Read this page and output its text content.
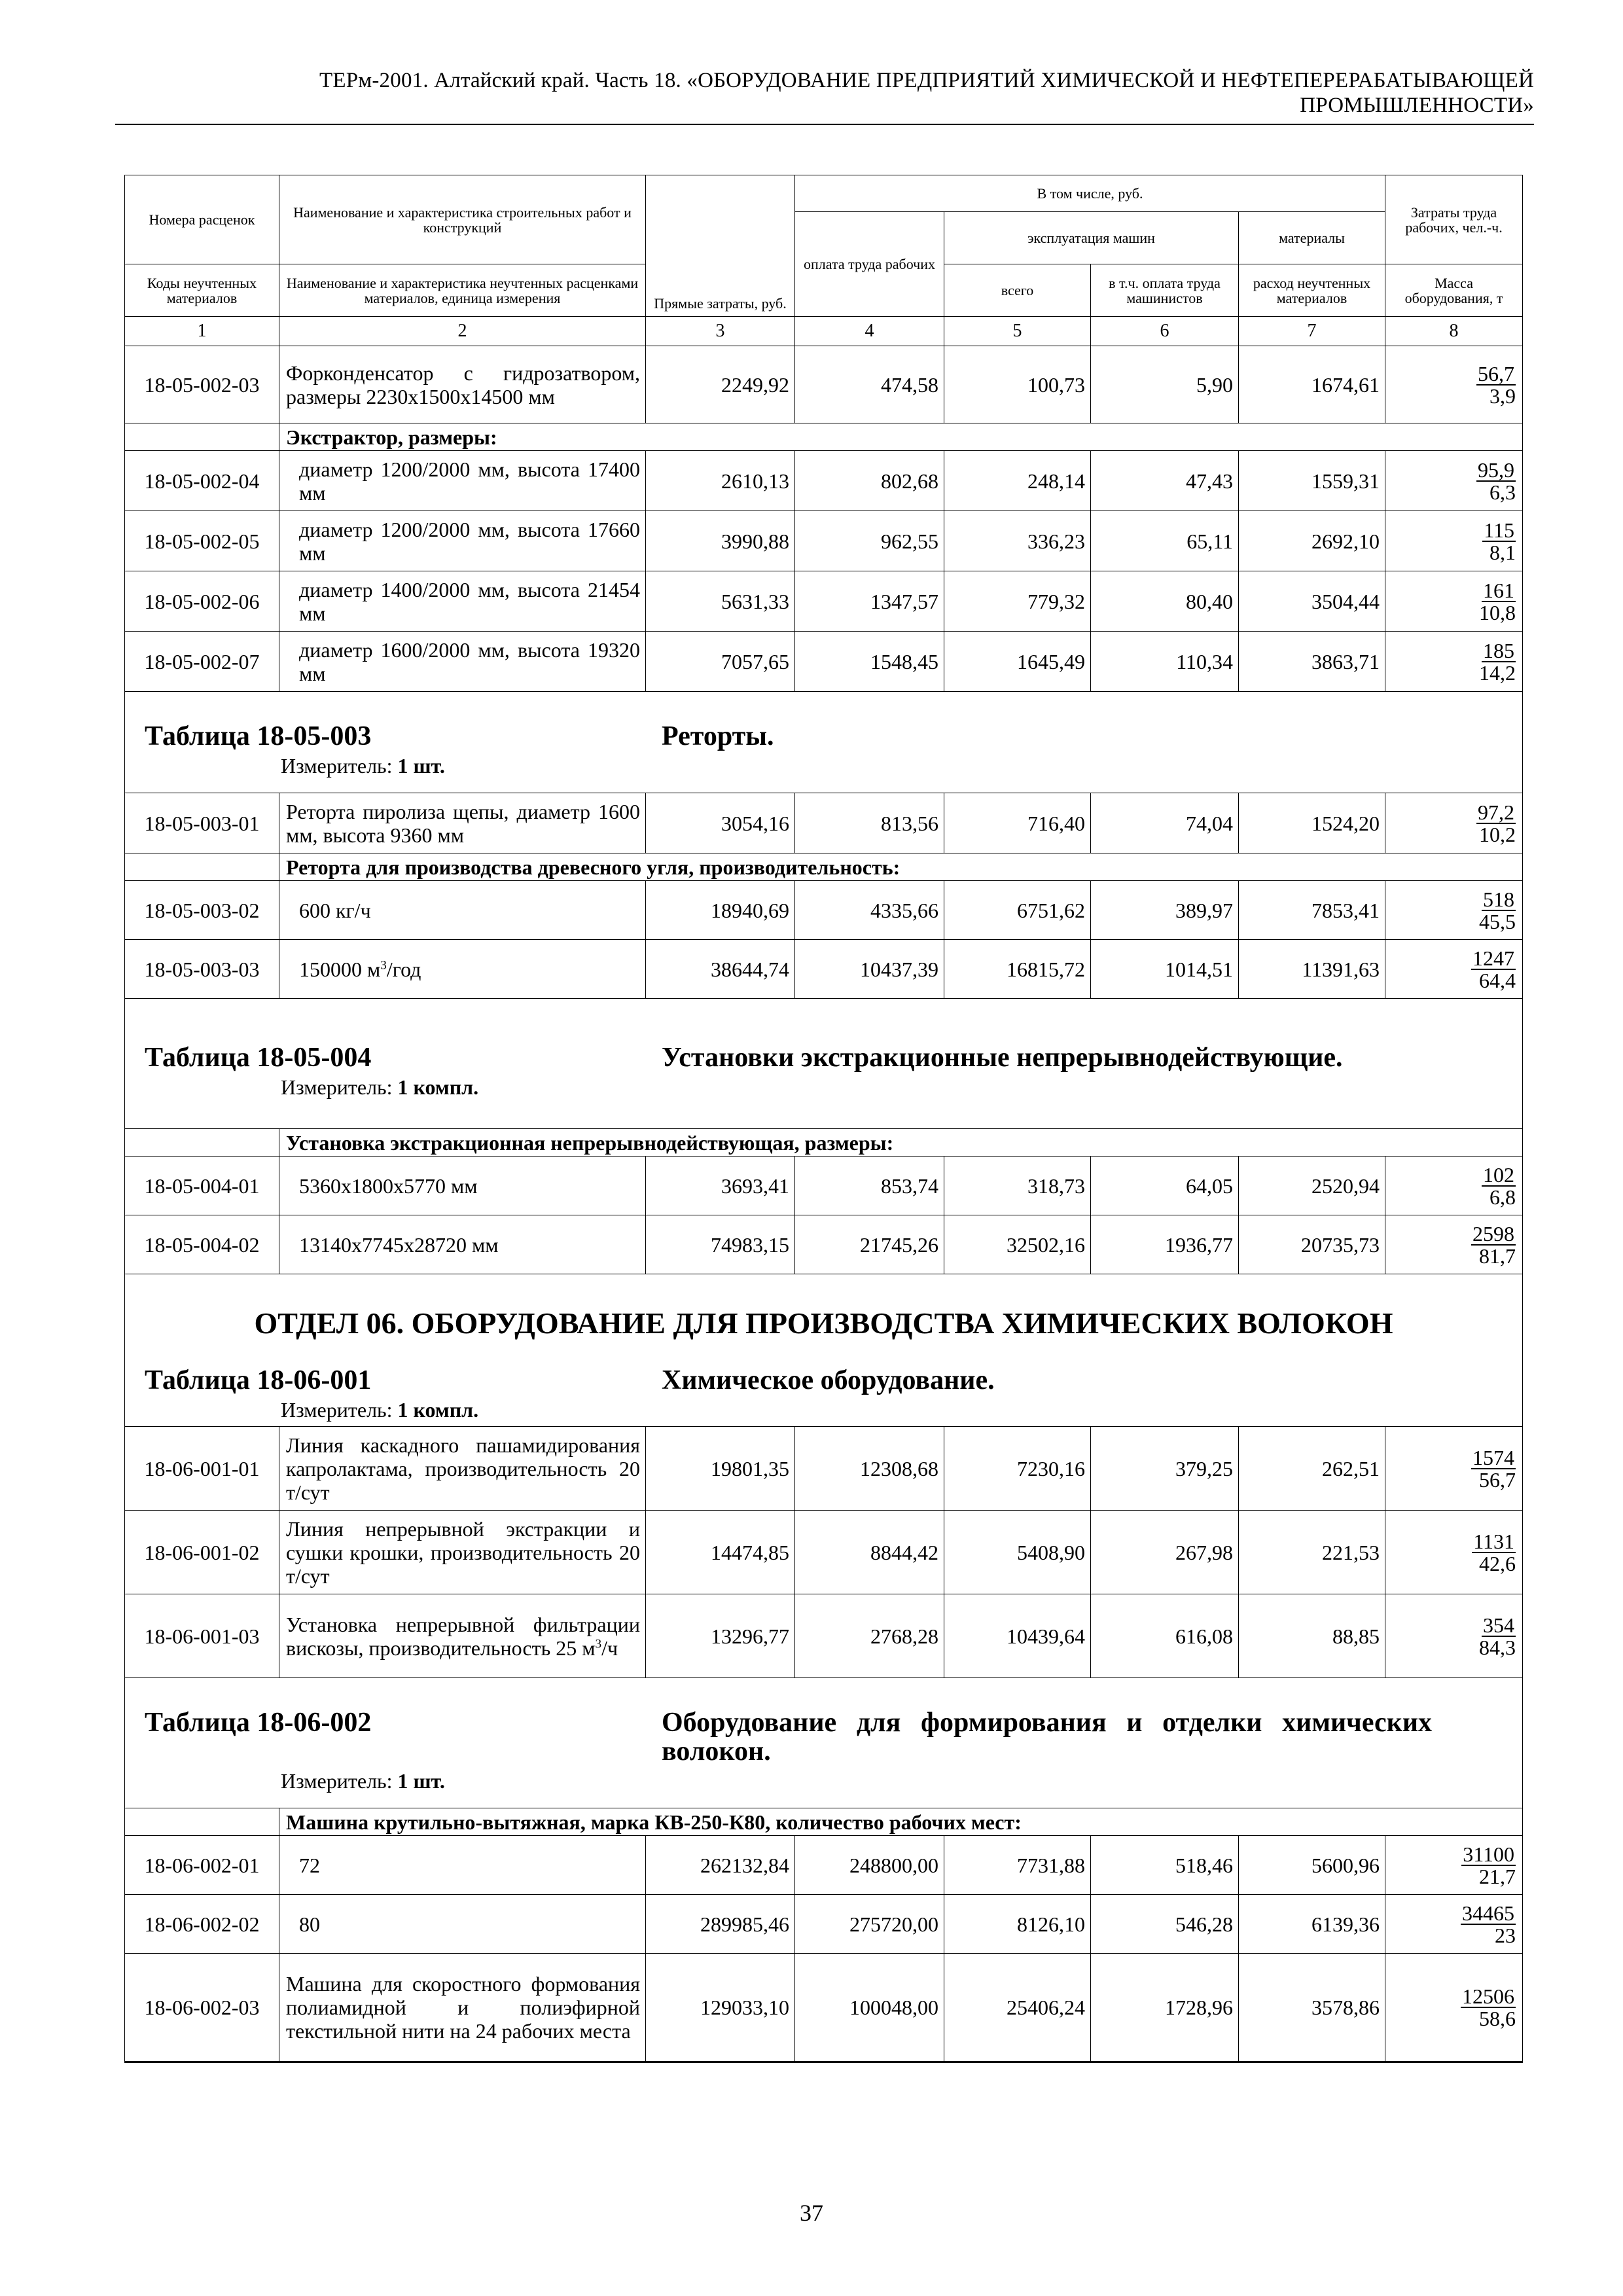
ТЕРм-2001. Алтайский край. Часть 18. «ОБОРУДОВАНИЕ ПРЕДПРИЯТИЙ ХИМИЧЕСКОЙ И НЕФТЕПЕРЕРАБАТЫВАЮЩЕЙ
ПРОМЫШЛЕННОСТИ»
Номера расценок	Наименование и характеристика строительных работ и конструкций	Прямые затраты, руб.	В том числе, руб.				Затраты труда рабочих, чел.-ч.
			оплата труда рабочих	эксплуатация машин		материалы	
Коды неучтенных материалов	Наименование и характеристика неучтенных расценками материалов, единица измерения			всего	в т.ч. оплата труда машинистов	расход неучтенных материалов	Масса оборудования, т
1	2	3	4	5	6	7	8
18-05-002-03	Форконденсатор с гидрозатвором, размеры 2230x1500x14500 мм	2249,92	474,58	100,73	5,90	1674,61	56,7
3,9

	Экстрактор, размеры:						
18-05-002-04	диаметр 1200/2000 мм, высота 17400 мм	2610,13	802,68	248,14	47,43	1559,31	95,9
6,3

18-05-002-05	диаметр 1200/2000 мм, высота 17660 мм	3990,88	962,55	336,23	65,11	2692,10	115
8,1

18-05-002-06	диаметр 1400/2000 мм, высота 21454 мм	5631,33	1347,57	779,32	80,40	3504,44	161
10,8

18-05-002-07	диаметр 1600/2000 мм, высота 19320 мм	7057,65	1548,45	1645,49	110,34	3863,71	185
14,2

Таблица 18-05-003 Реторты.
Измеритель: 1 шт.							

18-05-003-01	Реторта пиролиза щепы, диаметр 1600 мм, высота 9360 мм	3054,16	813,56	716,40	74,04	1524,20	97,2
10,2

	Реторта для производства древесного угля, производительность:						
18-05-003-02	600 кг/ч	18940,69	4335,66	6751,62	389,97	7853,41	518
45,5

18-05-003-03	150000 $м^3$/год	38644,74	10437,39	16815,72	1014,51	11391,63	1247
64,4

Таблица 18-05-004 Установки экстракционные непрерывнодействующие.
Измеритель: 1 компл.							

	Установка экстракционная непрерывнодействующая, размеры:						
18-05-004-01	5360x1800x5770 мм	3693,41	853,74	318,73	64,05	2520,94	102
6,8

18-05-004-02	13140x7745x28720 мм	74983,15	21745,26	32502,16	1936,77	20735,73	2598
81,7

ОТДЕЛ 06. ОБОРУДОВАНИЕ ДЛЯ ПРОИЗВОДСТВА ХИМИЧЕСКИХ ВОЛОКОН
Таблица 18-06-001 Химическое оборудование.
Измеритель: 1 компл.							

18-06-001-01	Линия каскадного пашамидирования капролактама, производительность 20 т/сут	19801,35	12308,68	7230,16	379,25	262,51	1574
56,7

18-06-001-02	Линия непрерывной экстракции и сушки крошки, производительность 20 т/сут	14474,85	8844,42	5408,90	267,98	221,53	1131
42,6

18-06-001-03	Установка непрерывной фильтрации вискозы, производительность 25 $м^3/ч$	13296,77	2768,28	10439,64	616,08	88,85	354
84,3

Таблица 18-06-002 Оборудование для формирования и отделки химических волокон.
Измеритель: 1 шт.							

	Машина крутильно-вытяжная, марка КВ-250-К80, количество рабочих мест:						
18-06-002-01	72	262132,84	248800,00	7731,88	518,46	5600,96	31100
21,7

18-06-002-02	80	289985,46	275720,00	8126,10	546,28	6139,36	34465
23

18-06-002-03	Машина для скоростного формования полиамидной и полиэфирной текстильной нити на 24 рабочих места	129033,10	100048,00	25406,24	1728,96	3578,86	12506
58,6
37
